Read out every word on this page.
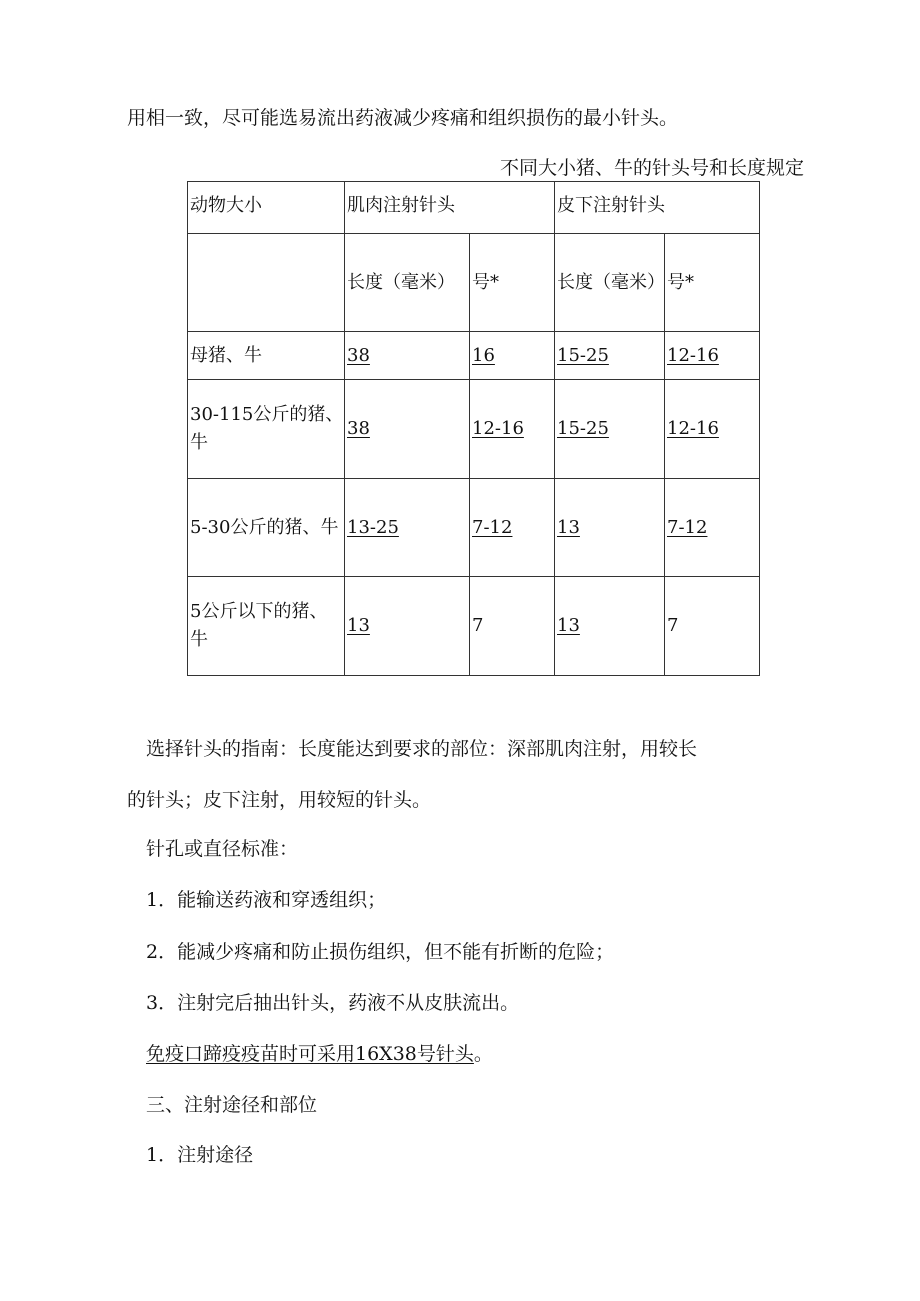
用相一致，尽可能选易流出药液减少疼痛和组织损伤的最小针头。
不同大小猪、牛的针头号和长度规定
动物大小	肌肉注射针头		皮下注射针头	
	长度（毫米）	号*	长度（毫米）	号*
母猪、牛	38	16	15-25	12-16
30-115公斤的猪、牛	38	12-16	15-25	12-16
5-30公斤的猪、牛	13-25	7-12	13	7-12
5公斤以下的猪、牛	13	7	13	7
选择针头的指南：长度能达到要求的部位：深部肌肉注射，用较长
的针头；皮下注射，用较短的针头。
针孔或直径标准：
1．能输送药液和穿透组织；
2．能减少疼痛和防止损伤组织，但不能有折断的危险；
3．注射完后抽出针头，药液不从皮肤流出。
免疫口蹄疫疫苗时可采用16X38号针头。
三、注射途径和部位
1．注射途径
